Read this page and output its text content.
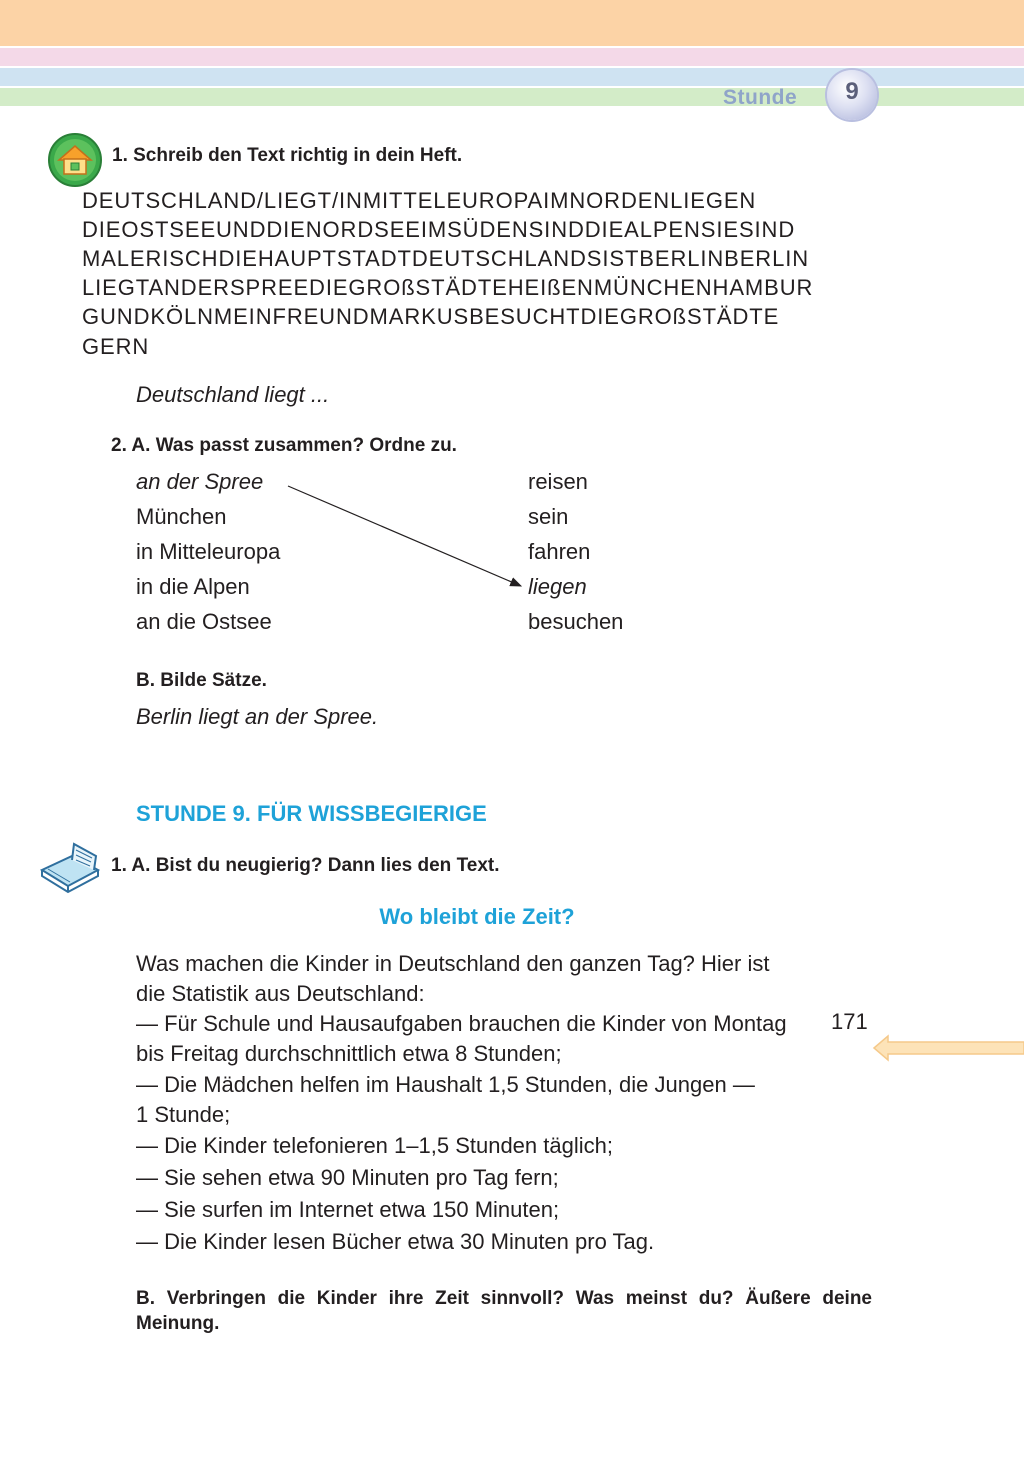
Stunde	9
1. Schreib den Text richtig in dein Heft.
DEUTSCHLAND/LIEGT/INMITTELEUROPAIMNORDENLIEGEN
DIEOSTSEEUNDDIENORDSEEIMSÜDENSINDDIEALPENSIESIND
MALERISCHDIEHAUPTSTADTDEUTSCHLANDSISTBERLINBERLIN
LIEGTANDERSPREEDIEGROßSTÄDTEHEIßENMÜNCHENHAMBUR
GUNDKÖLNMEINFREUNDMARKUSBESUCHTDIEGROßSTÄDTE
GERN
Deutschland liegt ...
2. A. Was passt zusammen? Ordne zu.
an der Spree
München
in Mitteleuropa
in die Alpen
an die Ostsee
reisen
sein
fahren
liegen
besuchen
B. Bilde Sätze.
Berlin liegt an der Spree.
STUNDE 9. FÜR WISSBEGIERIGE
1. A. Bist du neugierig? Dann lies den Text.
Wo bleibt die Zeit?
Was machen die Kinder in Deutschland den ganzen Tag? Hier ist
die Statistik aus Deutschland:
— Für Schule und Hausaufgaben brauchen die Kinder von Montag
bis Freitag durchschnittlich etwa 8 Stunden;
— Die Mädchen helfen im Haushalt 1,5 Stunden, die Jungen —
1 Stunde;
— Die Kinder telefonieren 1–1,5 Stunden täglich;
— Sie sehen etwa 90 Minuten pro Tag fern;
— Sie surfen im Internet etwa 150 Minuten;
— Die Kinder lesen Bücher etwa 30 Minuten pro Tag.
B. Verbringen die Kinder ihre Zeit sinnvoll? Was meinst du? Äußere deine Meinung.
171
